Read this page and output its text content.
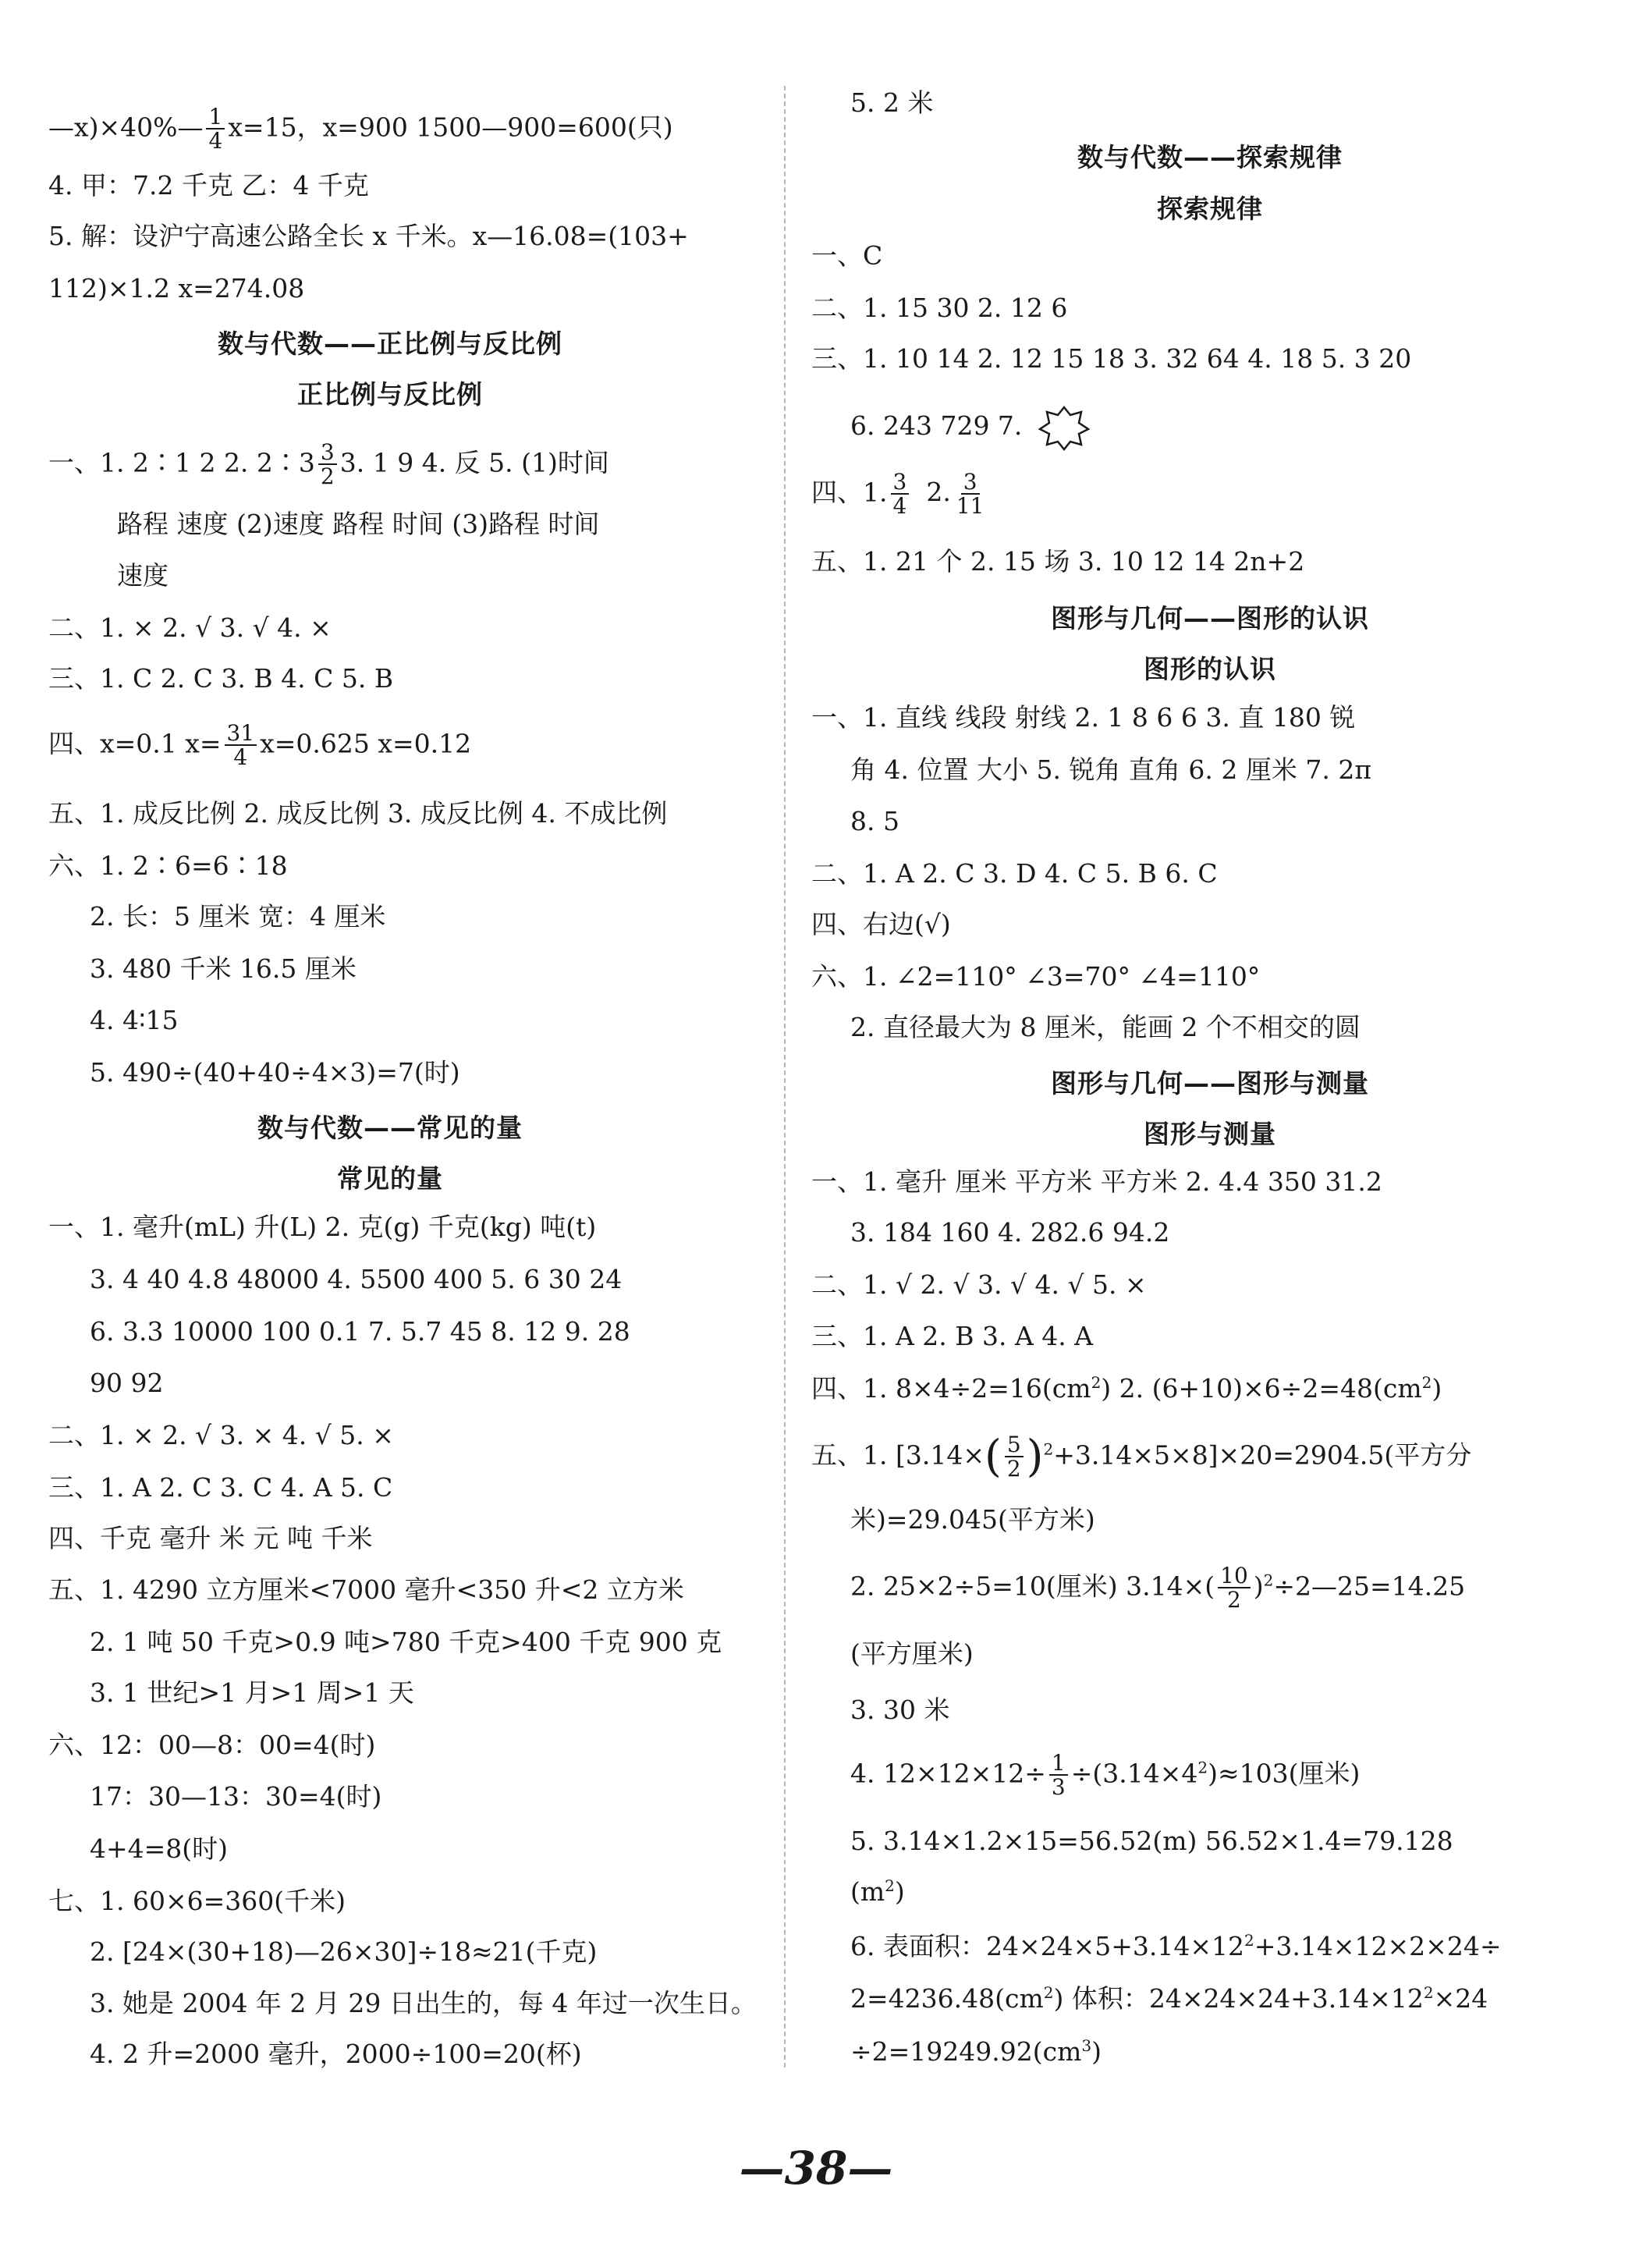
—x)×40%— $\frac{1}{4} x=15$，x=900 1500—900=600(只)
4. 甲：7.2 千克 乙：4 千克
5. 解：设沪宁高速公路全长 x 千米。x—16.08=(103+
112)×1.2 x=274.08
数与代数——正比例与反比例
正比例与反比例
一、1. 2∶1 2 2. 2∶3 $\frac{3}{2} 3$. 1 9 4. 反 5. (1)时间
路程 速度 (2)速度 路程 时间 (3)路程 时间
速度
二、1. × 2. √ 3. √ 4. ×
三、1. C 2. C 3. B 4. C 5. B
四、x=0.1 $x= \frac{31}{4} x=0.625$ x=0.12
五、1. 成反比例 2. 成反比例 3. 成反比例 4. 不成比例
六、1. 2∶6=6∶18
2. 长：5 厘米 宽：4 厘米
3. 480 千米 16.5 厘米
4. 4∶15
5. 490÷(40+40÷4×3)=7(时)
数与代数——常见的量
常见的量
一、1. 毫升(mL) 升(L) 2. 克(g) 千克(kg) 吨(t)
3. 4 40 4.8 48000 4. 5500 400 5. 6 30 24
6. 3.3 10000 100 0.1 7. 5.7 45 8. 12 9. 28
90 92
二、1. × 2. √ 3. × 4. √ 5. ×
三、1. A 2. C 3. C 4. A 5. C
四、千克 毫升 米 元 吨 千米
五、1. 4290 立方厘米<7000 毫升<350 升<2 立方米
2. 1 吨 50 千克>0.9 吨>780 千克>400 千克 900 克
3. 1 世纪>1 月>1 周>1 天
六、12：00—8：00=4(时)
17：30—13：30=4(时)
4+4=8(时)
七、1. 60×6=360(千米)
2. [24×(30+18)—26×30]÷18≈21(千克)
3. 她是 2004 年 2 月 29 日出生的，每 4 年过一次生日。
4. 2 升=2000 毫升，2000÷100=20(杯)
5. 2 米
数与代数——探索规律
探索规律
一、C
二、1. 15 30 2. 12 6
三、1. 10 14 2. 12 15 18 3. 32 64 4. 18 5. 3 20
6. 243 729 7.
四、1. $\frac{3}{4} 2$. $\frac{3}{11}$
五、1. 21 个 2. 15 场 3. 10 12 14 2n+2
图形与几何——图形的认识
图形的认识
一、1. 直线 线段 射线 2. 1 8 6 6 3. 直 180 锐
角 4. 位置 大小 5. 锐角 直角 6. 2 厘米 7. 2π
8. 5
二、1. A 2. C 3. D 4. C 5. B 6. C
四、右边(√)
六、1. ∠2=110° ∠3=70° ∠4=110°
2. 直径最大为 8 厘米，能画 2 个不相交的圆
图形与几何——图形与测量
图形与测量
一、1. 毫升 厘米 平方米 平方米 2. 4.4 350 31.2
3. 184 160 4. 282.6 94.2
二、1. √ 2. √ 3. √ 4. √ 5. ×
三、1. A 2. B 3. A 4. A
四、1. $8\times 4\div 2=16(cm^2)$ 2. $(6+10)\times 6\div 2=48(cm^2)$
五、1. $[3.14\times( \frac{5}{2} )^2+3.14\times 5\times 8]\times 20=2904.5$(平方分
米)=29.045(平方米)
2. 25×2÷5=10(厘米) $3.14\times( \frac{10}{2}$ )$^2\div 2—25=14.25$
(平方厘米)
3. 30 米
4. $12\times 12\times 12\div \frac{1}{3} \div(3.14\times 4^2)\approx 103$(厘米)
5. 3.14×1.2×15=56.52(m) 56.52×1.4=79.128
$(m^2)$
6. 表面积：$24\times 24\times 5+3.14\times 12^2+3.14\times 12\times 2\times 24\div$
$2=4236.48(cm^2)$ 体积：$24\times 24\times 24+3.14\times 12^2\times 24$
$\div 2=19249.92(cm^3)$
—38—
